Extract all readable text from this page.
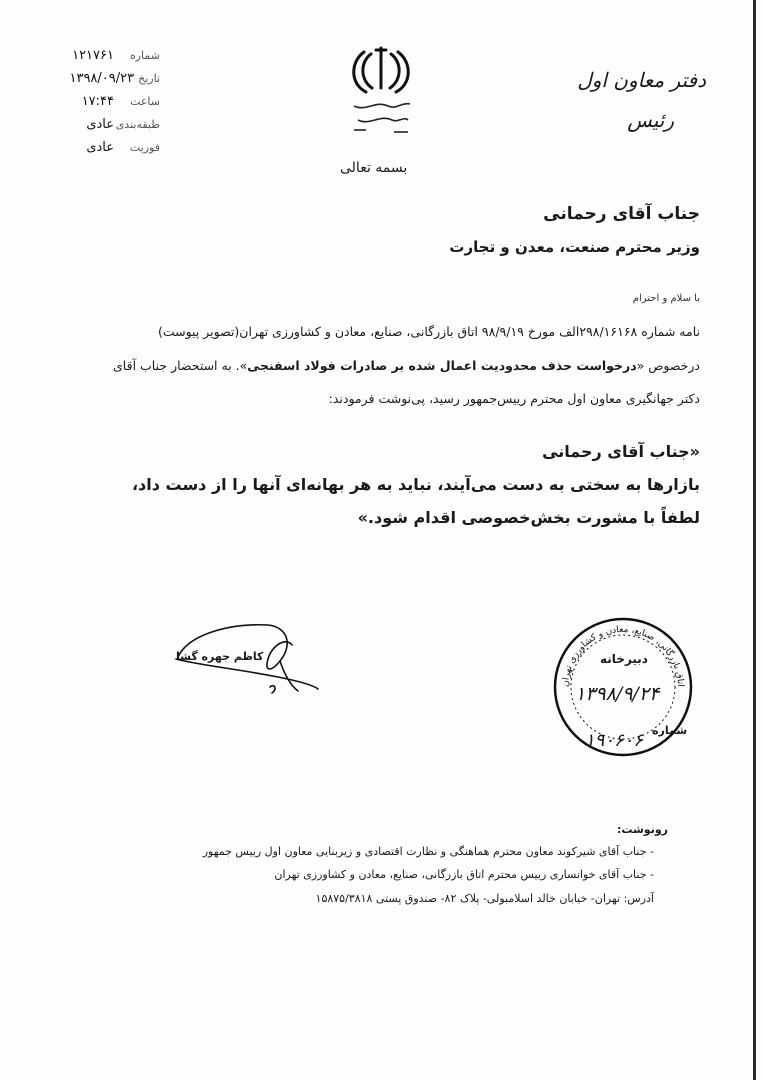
شماره
۱۲۱۷۶۱
تاریخ
۱۳۹۸/۰۹/۲۳
ساعت
۱۷:۴۴
طبقه‌بندی
عادی
فوریت
عادی
بسمه تعالی
دفتر معاون اول
رئیس
جناب آقای رحمانی
وزیر محترم صنعت، معدن و تجارت
با سلام و احترام
نامه شماره ۲۹۸/۱۶۱۶۸الف مورخ ۹۸/۹/۱۹ اتاق بازرگانی، صنایع، معادن و کشاورزی تهران(تصویر پیوست)
درخصوص «درخواست حذف محدودیت اعمال شده بر صادرات فولاد اسفنجی». به استحضار جناب آقای
دکتر جهانگیری معاون اول محترم رییس‌جمهور رسید، پی‌نوشت فرمودند:
«جناب آقای رحمانی
بازارها به سختی به دست می‌آیند، نباید به هر بهانه‌ای آنها را از دست داد،
لطفاً با مشورت بخش‌خصوصی اقدام شود.»
کاظم جهره گشا
اتاق بازرگانی، صنایع، معادن و کشاورزی تهران
دبیرخانه
۱۳۹۸/۹/۲۴
شماره
۱۹۰۶۰۶
رونوشت:
- جناب آقای شیرکوند معاون محترم هماهنگی و نظارت اقتصادی و زیربنایی معاون اول رییس جمهور
- جناب آقای خوانساری رییس محترم اتاق بازرگانی، صنایع، معادن و کشاورزی تهران
آدرس: تهران- خیابان خالد اسلامبولی- پلاک ۸۲- صندوق پستی ۱۵۸۷۵/۳۸۱۸
